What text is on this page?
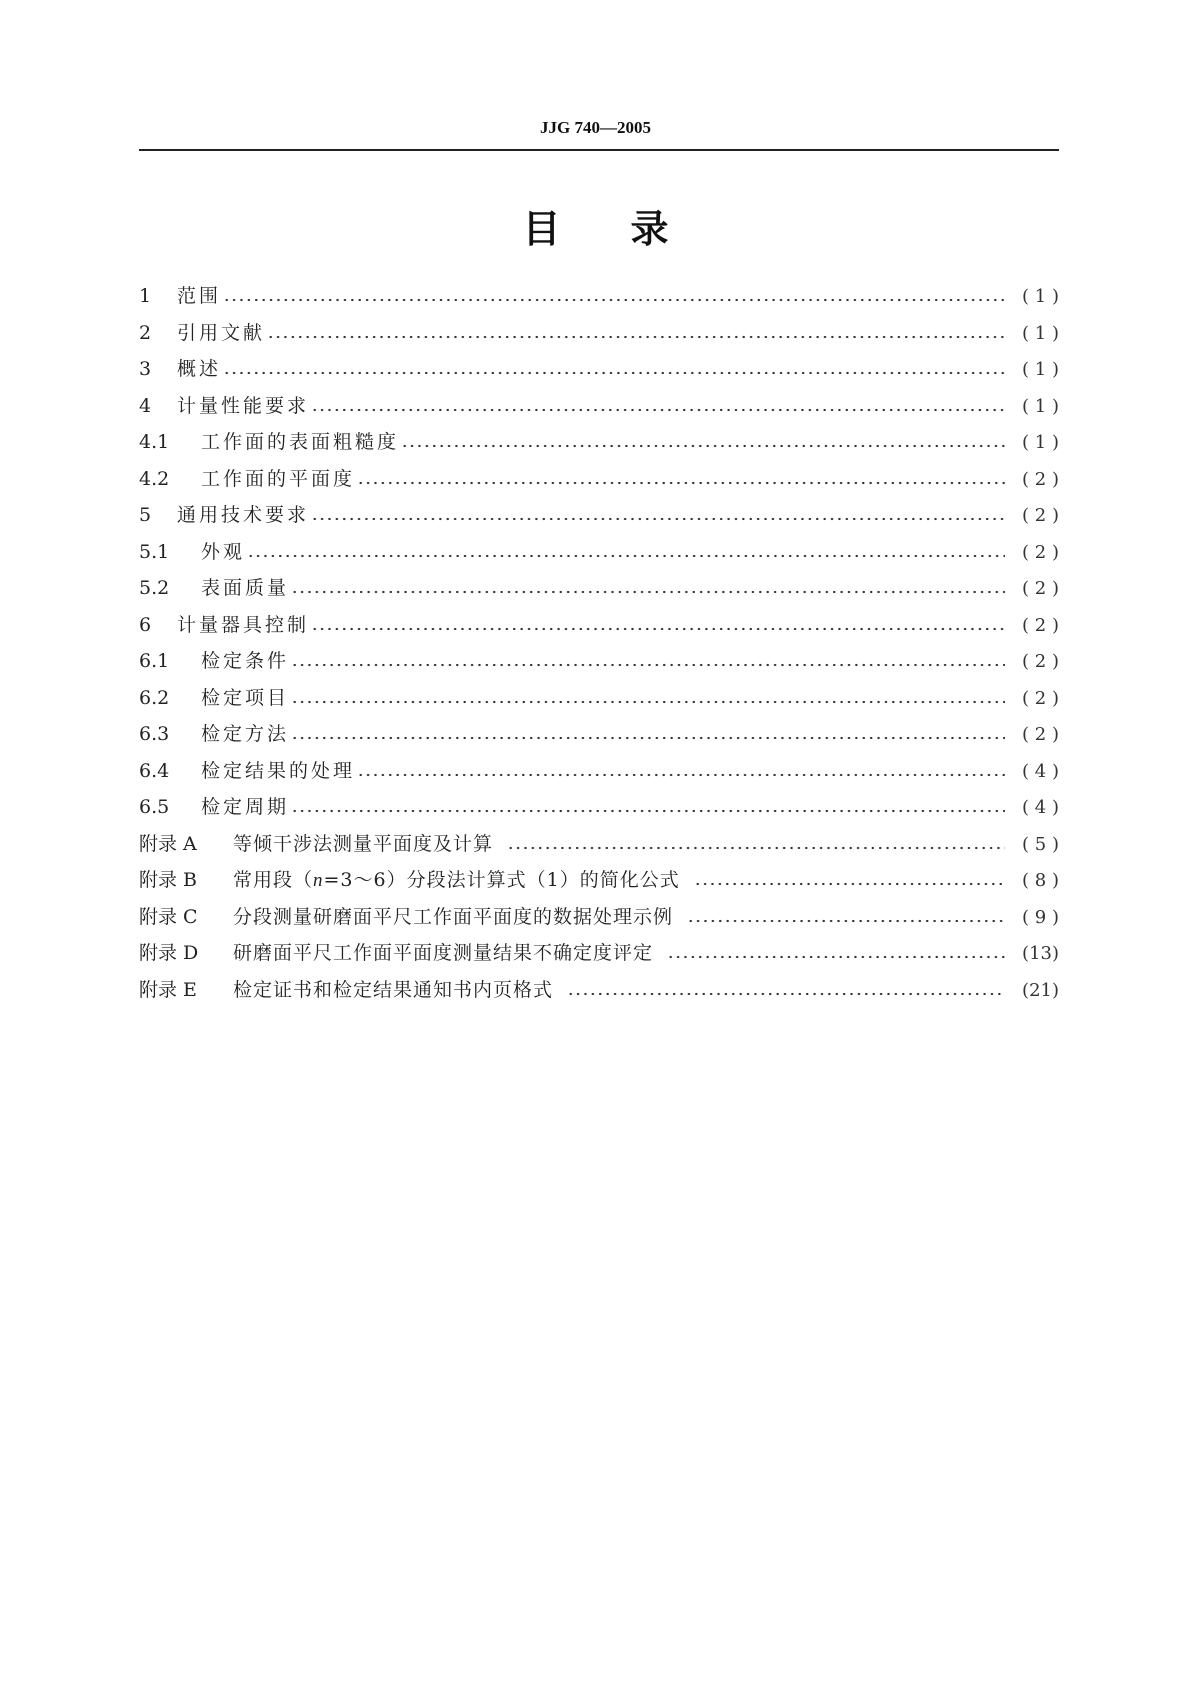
JJG 740—2005
目 录
1	范围	( 1 )
2	引用文献	( 1 )
3	概述	( 1 )
4	计量性能要求	( 1 )
4.1	工作面的表面粗糙度	( 1 )
4.2	工作面的平面度	( 2 )
5	通用技术要求	( 2 )
5.1	外观	( 2 )
5.2	表面质量	( 2 )
6	计量器具控制	( 2 )
6.1	检定条件	( 2 )
6.2	检定项目	( 2 )
6.3	检定方法	( 2 )
6.4	检定结果的处理	( 4 )
6.5	检定周期	( 4 )
附录 A	等倾干涉法测量平面度及计算	( 5 )
附录 B	常用段（n=3～6）分段法计算式（1）的简化公式	( 8 )
附录 C	分段测量研磨面平尺工作面平面度的数据处理示例	( 9 )
附录 D	研磨面平尺工作面平面度测量结果不确定度评定	(13)
附录 E	检定证书和检定结果通知书内页格式	(21)
